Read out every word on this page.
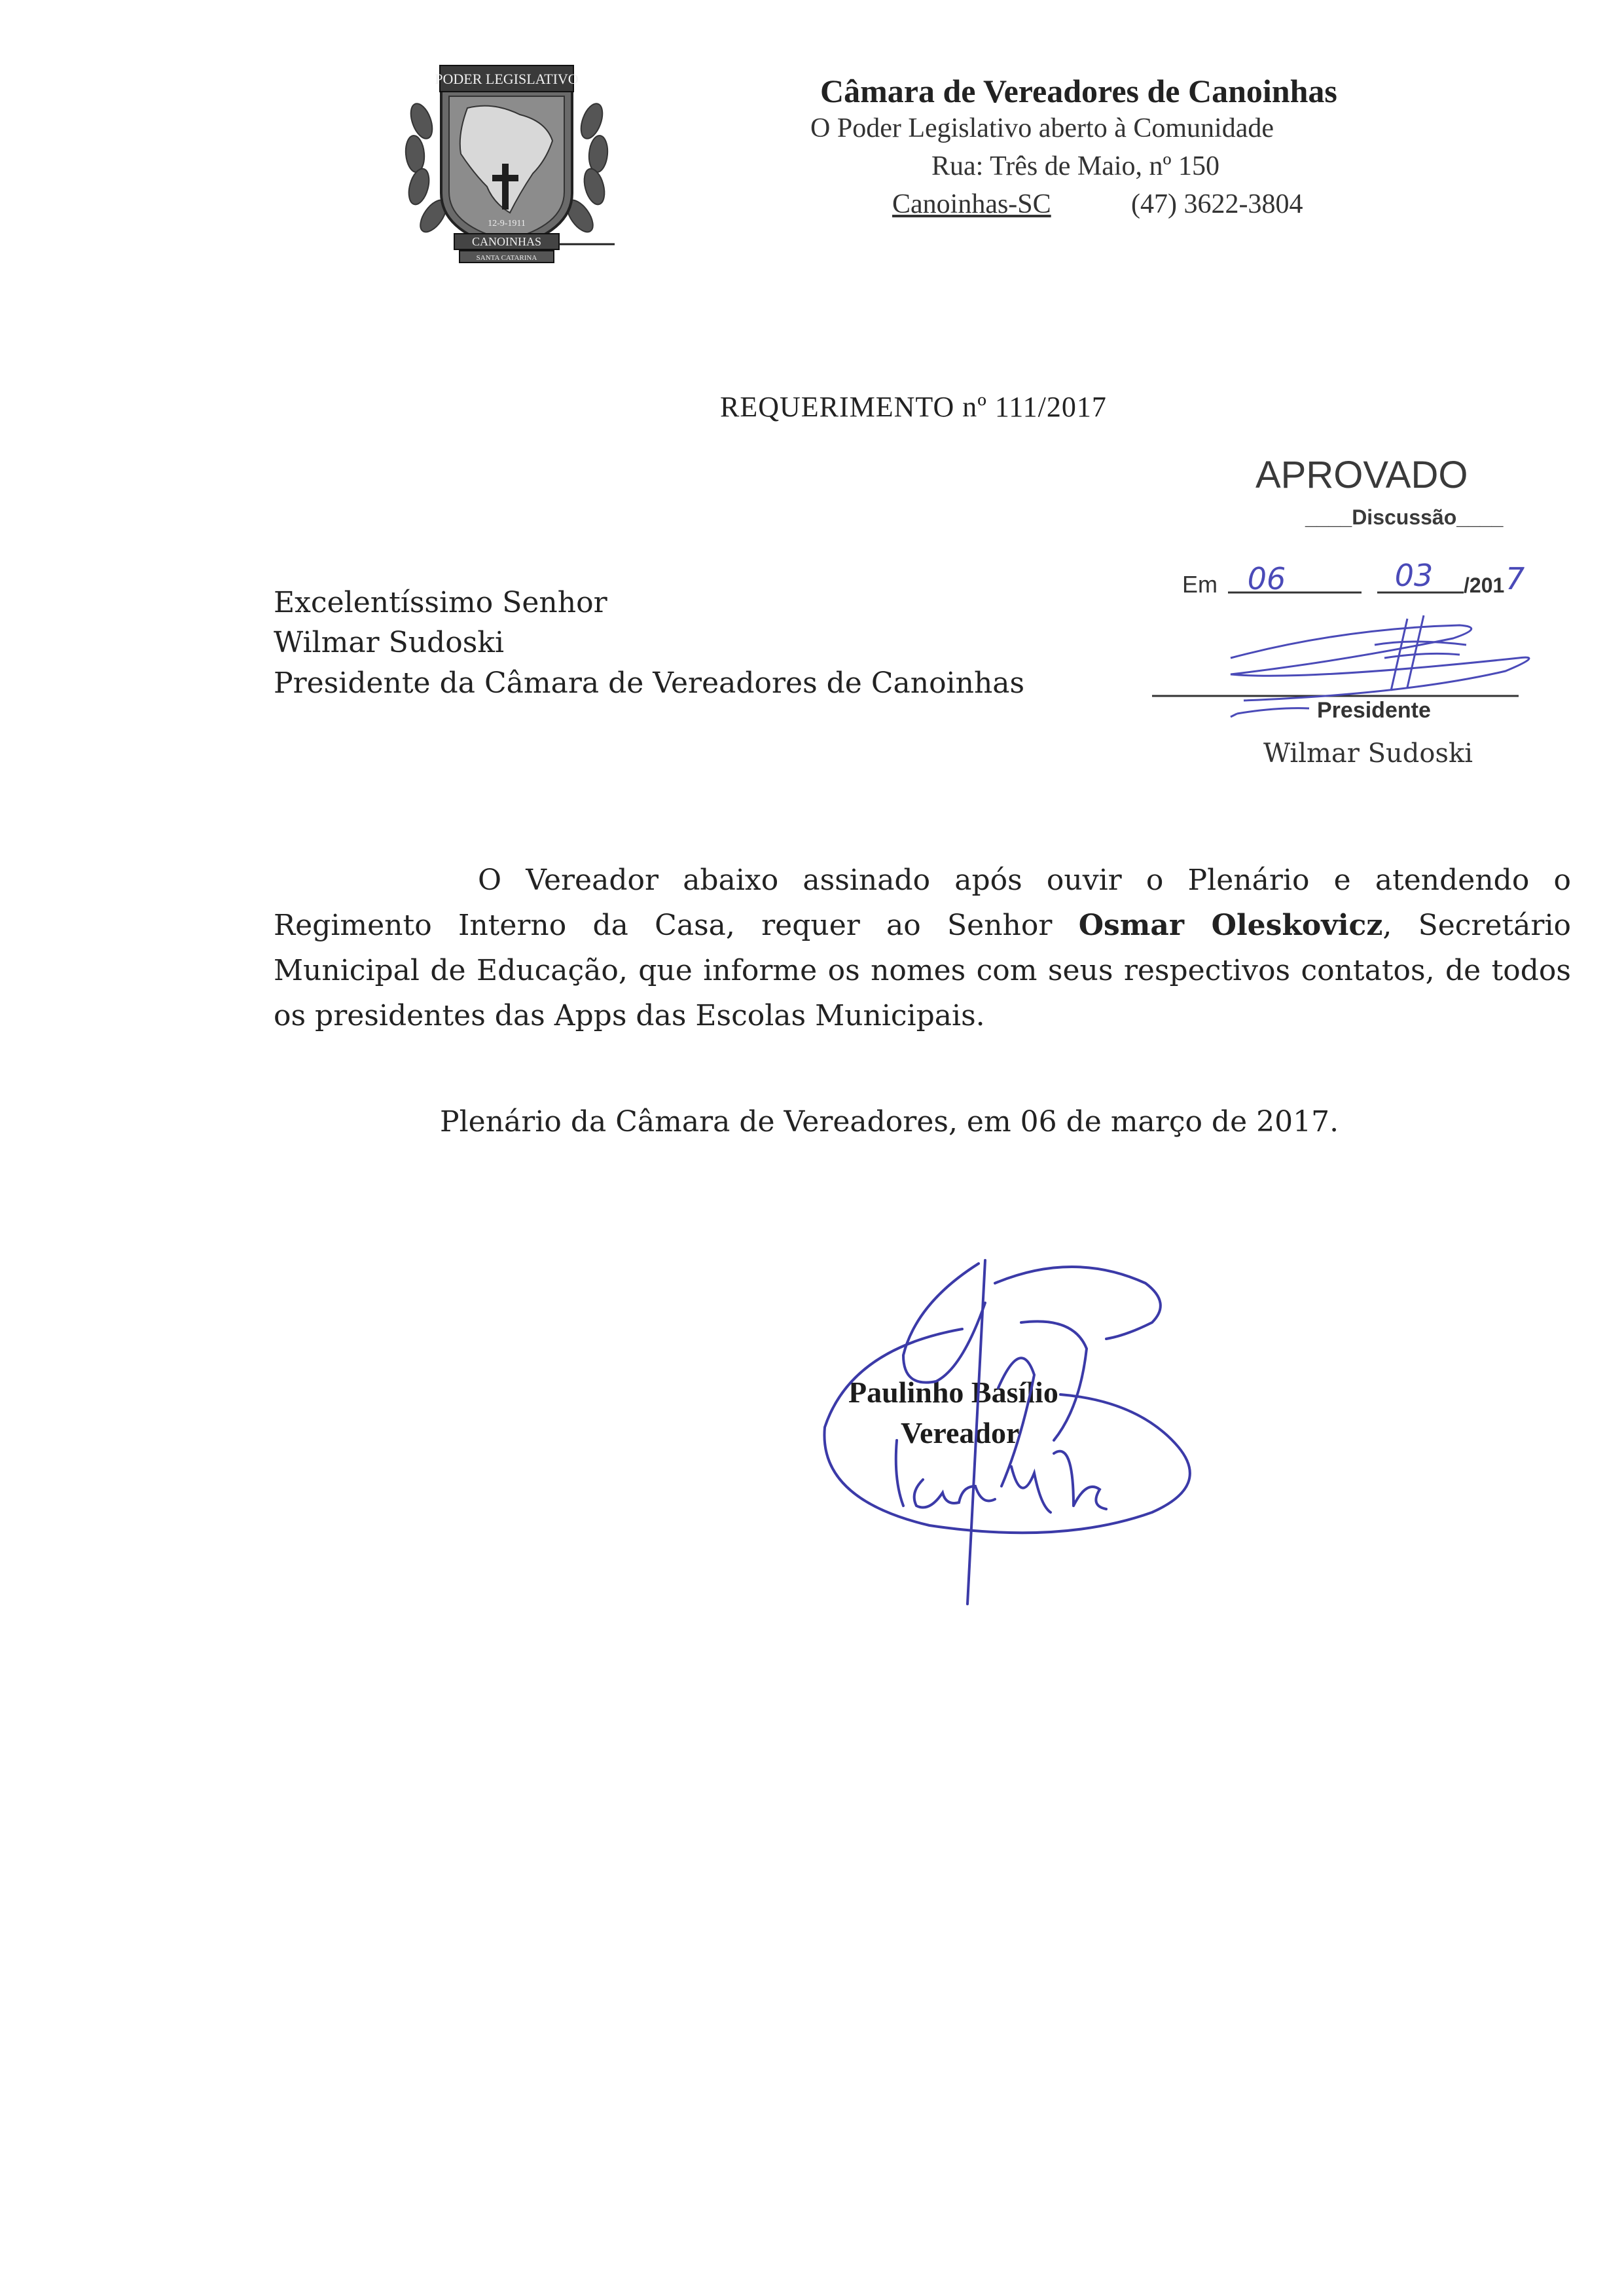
PODER LEGISLATIVO
12-9-1911
CANOINHAS
SANTA CATARINA
Câmara de Vereadores de Canoinhas
O Poder Legislativo aberto à Comunidade
Rua: Três de Maio, nº 150
Canoinhas-SC	(47) 3622-3804
REQUERIMENTO nº 111/2017
06	03 7
APROVADO
____Discussão____
Em	/201
Presidente
Wilmar Sudoski
Excelentíssimo Senhor
Wilmar Sudoski
Presidente da Câmara de Vereadores de Canoinhas
O Vereador abaixo assinado após ouvir o Plenário e atendendo o Regimento Interno da Casa, requer ao Senhor Osmar Oleskovicz, Secretário Municipal de Educação, que informe os nomes com seus respectivos contatos, de todos os presidentes das Apps das Escolas Municipais.
Plenário da Câmara de Vereadores, em 06 de março de 2017.
Paulinho Basílio
Vereador
